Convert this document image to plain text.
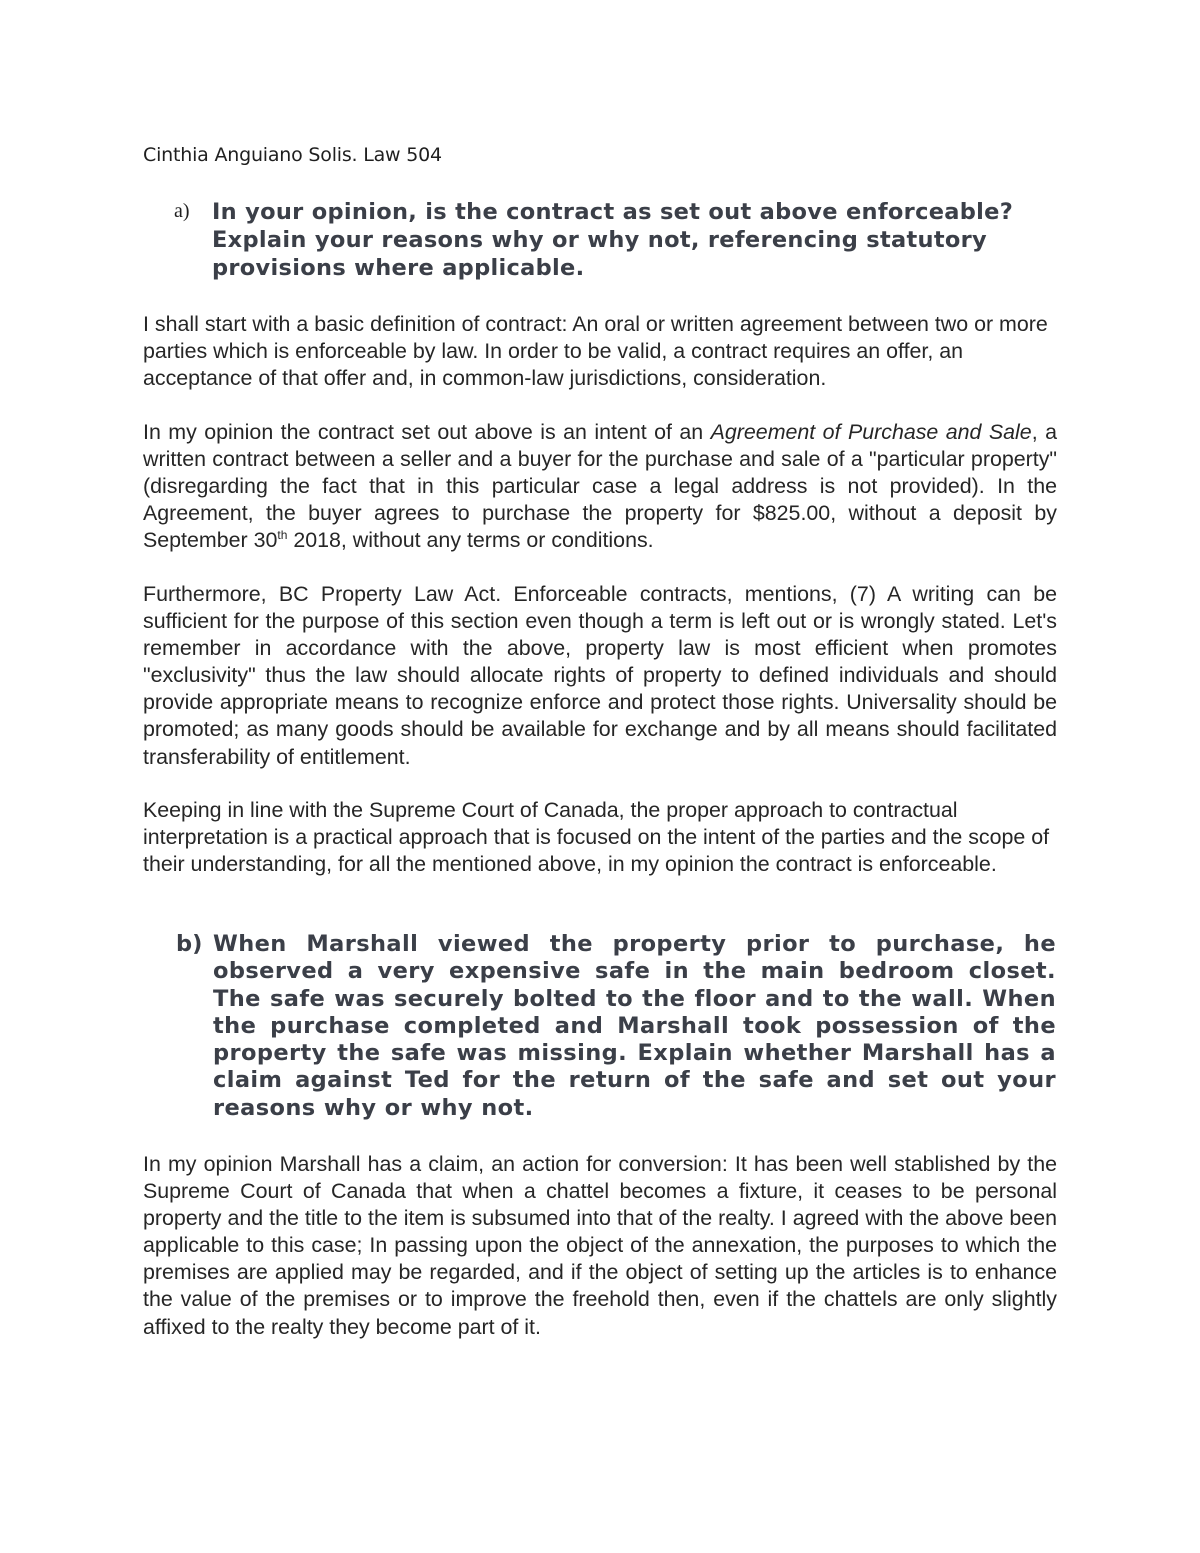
Cinthia Anguiano Solis. Law 504
a) In your opinion, is the contract as set out above enforceable? Explain your reasons why or why not, referencing statutory provisions where applicable.

I shall start with a basic definition of contract: An oral or written agreement between two or more parties which is enforceable by law. In order to be valid, a contract requires an offer, an acceptance of that offer and, in common-law jurisdictions, consideration.

In my opinion the contract set out above is an intent of an Agreement of Purchase and Sale, a written contract between a seller and a buyer for the purchase and sale of a "particular property" (disregarding the fact that in this particular case a legal address is not provided). In the Agreement, the buyer agrees to purchase the property for $825.00, without a deposit by September 30th 2018, without any terms or conditions.

Furthermore, BC Property Law Act. Enforceable contracts, mentions, (7) A writing can be sufficient for the purpose of this section even though a term is left out or is wrongly stated. Let's remember in accordance with the above, property law is most efficient when promotes "exclusivity" thus the law should allocate rights of property to defined individuals and should provide appropriate means to recognize enforce and protect those rights. Universality should be promoted; as many goods should be available for exchange and by all means should facilitated transferability of entitlement.

Keeping in line with the Supreme Court of Canada, the proper approach to contractual interpretation is a practical approach that is focused on the intent of the parties and the scope of their understanding, for all the mentioned above, in my opinion the contract is enforceable.

b) When Marshall viewed the property prior to purchase, he observed a very expensive safe in the main bedroom closet. The safe was securely bolted to the floor and to the wall. When the purchase completed and Marshall took possession of the property the safe was missing. Explain whether Marshall has a claim against Ted for the return of the safe and set out your reasons why or why not.

In my opinion Marshall has a claim, an action for conversion: It has been well stablished by the Supreme Court of Canada that when a chattel becomes a fixture, it ceases to be personal property and the title to the item is subsumed into that of the realty. I agreed with the above been applicable to this case; In passing upon the object of the annexation, the purposes to which the premises are applied may be regarded, and if the object of setting up the articles is to enhance the value of the premises or to improve the freehold then, even if the chattels are only slightly affixed to the realty they become part of it.
